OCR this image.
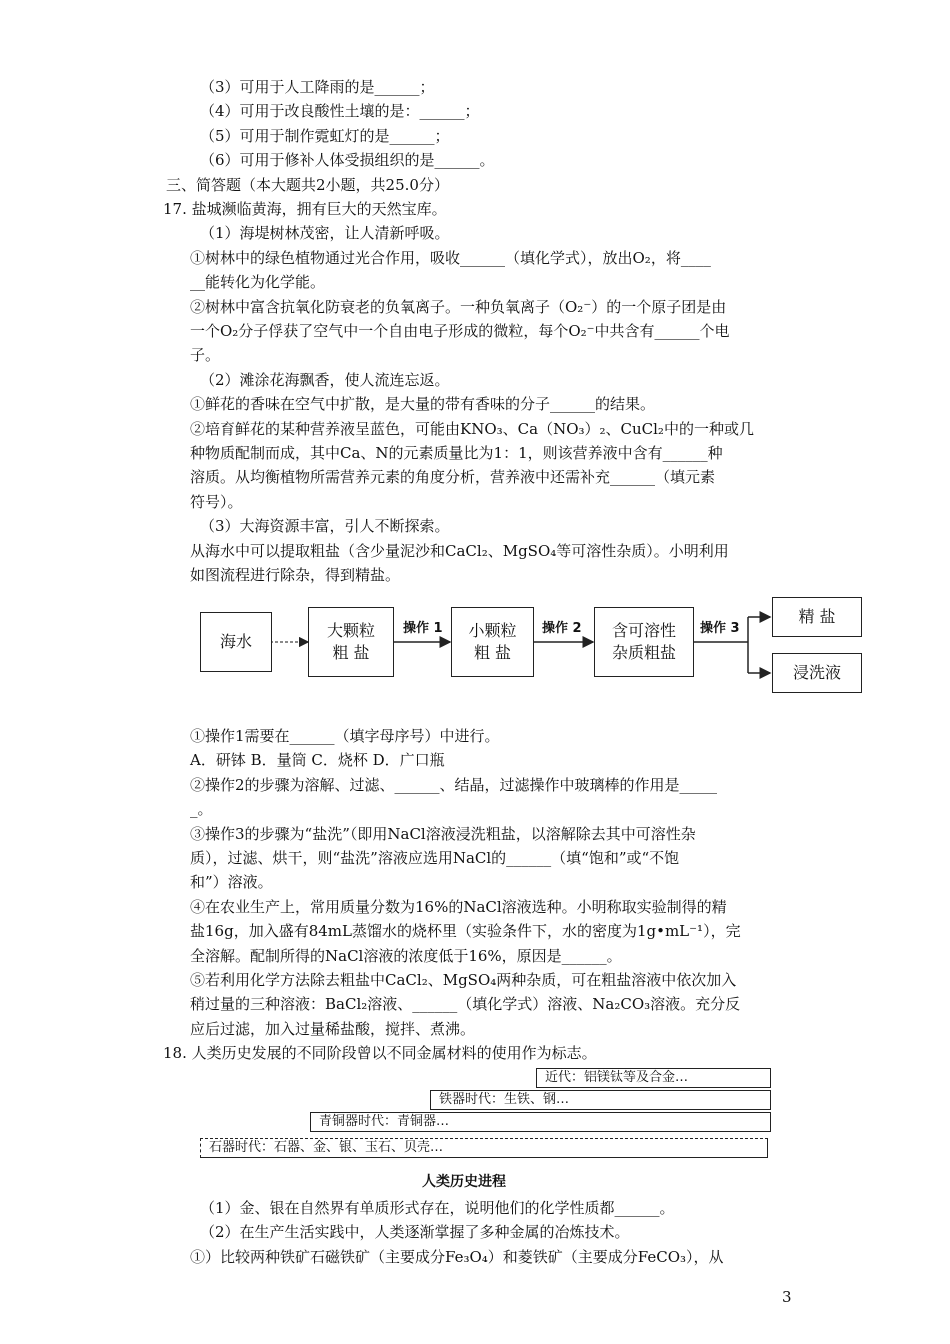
（3）可用于人工降雨的是______；
（4）可用于改良酸性土壤的是：______；
（5）可用于制作霓虹灯的是______；
（6）可用于修补人体受损组织的是______。
三、简答题（本大题共2小题，共25.0分）
17. 盐城濒临黄海，拥有巨大的天然宝库。
（1）海堤树林茂密，让人清新呼吸。
①树林中的绿色植物通过光合作用，吸收______（填化学式），放出O₂，将____
__能转化为化学能。
②树林中富含抗氧化防衰老的负氧离子。一种负氧离子（O₂⁻）的一个原子团是由
一个O₂分子俘获了空气中一个自由电子形成的微粒，每个O₂⁻中共含有______个电
子。
（2）滩涂花海飘香，使人流连忘返。
①鲜花的香味在空气中扩散，是大量的带有香味的分子______的结果。
②培育鲜花的某种营养液呈蓝色，可能由KNO₃、Ca（NO₃）₂、CuCl₂中的一种或几
种物质配制而成，其中Ca、N的元素质量比为1：1，则该营养液中含有______种
溶质。从均衡植物所需营养元素的角度分析，营养液中还需补充______（填元素
符号）。
（3）大海资源丰富，引人不断探索。
从海水中可以提取粗盐（含少量泥沙和CaCl₂、MgSO₄等可溶性杂质）。小明利用
如图流程进行除杂，得到精盐。
海水
大颗粒
粗 盐
小颗粒
粗 盐
含可溶性
杂质粗盐
精 盐
浸洗液
操作 1	操作 2	操作 3
①操作1需要在______（填字母序号）中进行。
A．研钵 B．量筒 C．烧杯 D．广口瓶
②操作2的步骤为溶解、过滤、______、结晶，过滤操作中玻璃棒的作用是_____
_。
③操作3的步骤为“盐洗”（即用NaCl溶液浸洗粗盐，以溶解除去其中可溶性杂
质），过滤、烘干，则“盐洗”溶液应选用NaCl的______（填“饱和”或“不饱
和”）溶液。
④在农业生产上，常用质量分数为16%的NaCl溶液选种。小明称取实验制得的精
盐16g，加入盛有84mL蒸馏水的烧杯里（实验条件下，水的密度为1g•mL⁻¹），完
全溶解。配制所得的NaCl溶液的浓度低于16%，原因是______。
⑤若利用化学方法除去粗盐中CaCl₂、MgSO₄两种杂质，可在粗盐溶液中依次加入
稍过量的三种溶液：BaCl₂溶液、______（填化学式）溶液、Na₂CO₃溶液。充分反
应后过滤，加入过量稀盐酸，搅拌、煮沸。
18. 人类历史发展的不同阶段曾以不同金属材料的使用作为标志。
近代：铝镁钛等及合金…
铁器时代：生铁、钢…
青铜器时代：青铜器…
石器时代：石器、金、银、玉石、贝壳…
人类历史进程
（1）金、银在自然界有单质形式存在，说明他们的化学性质都______。
（2）在生产生活实践中，人类逐渐掌握了多种金属的冶炼技术。
①）比较两种铁矿石磁铁矿（主要成分Fe₃O₄）和菱铁矿（主要成分FeCO₃），从
3
